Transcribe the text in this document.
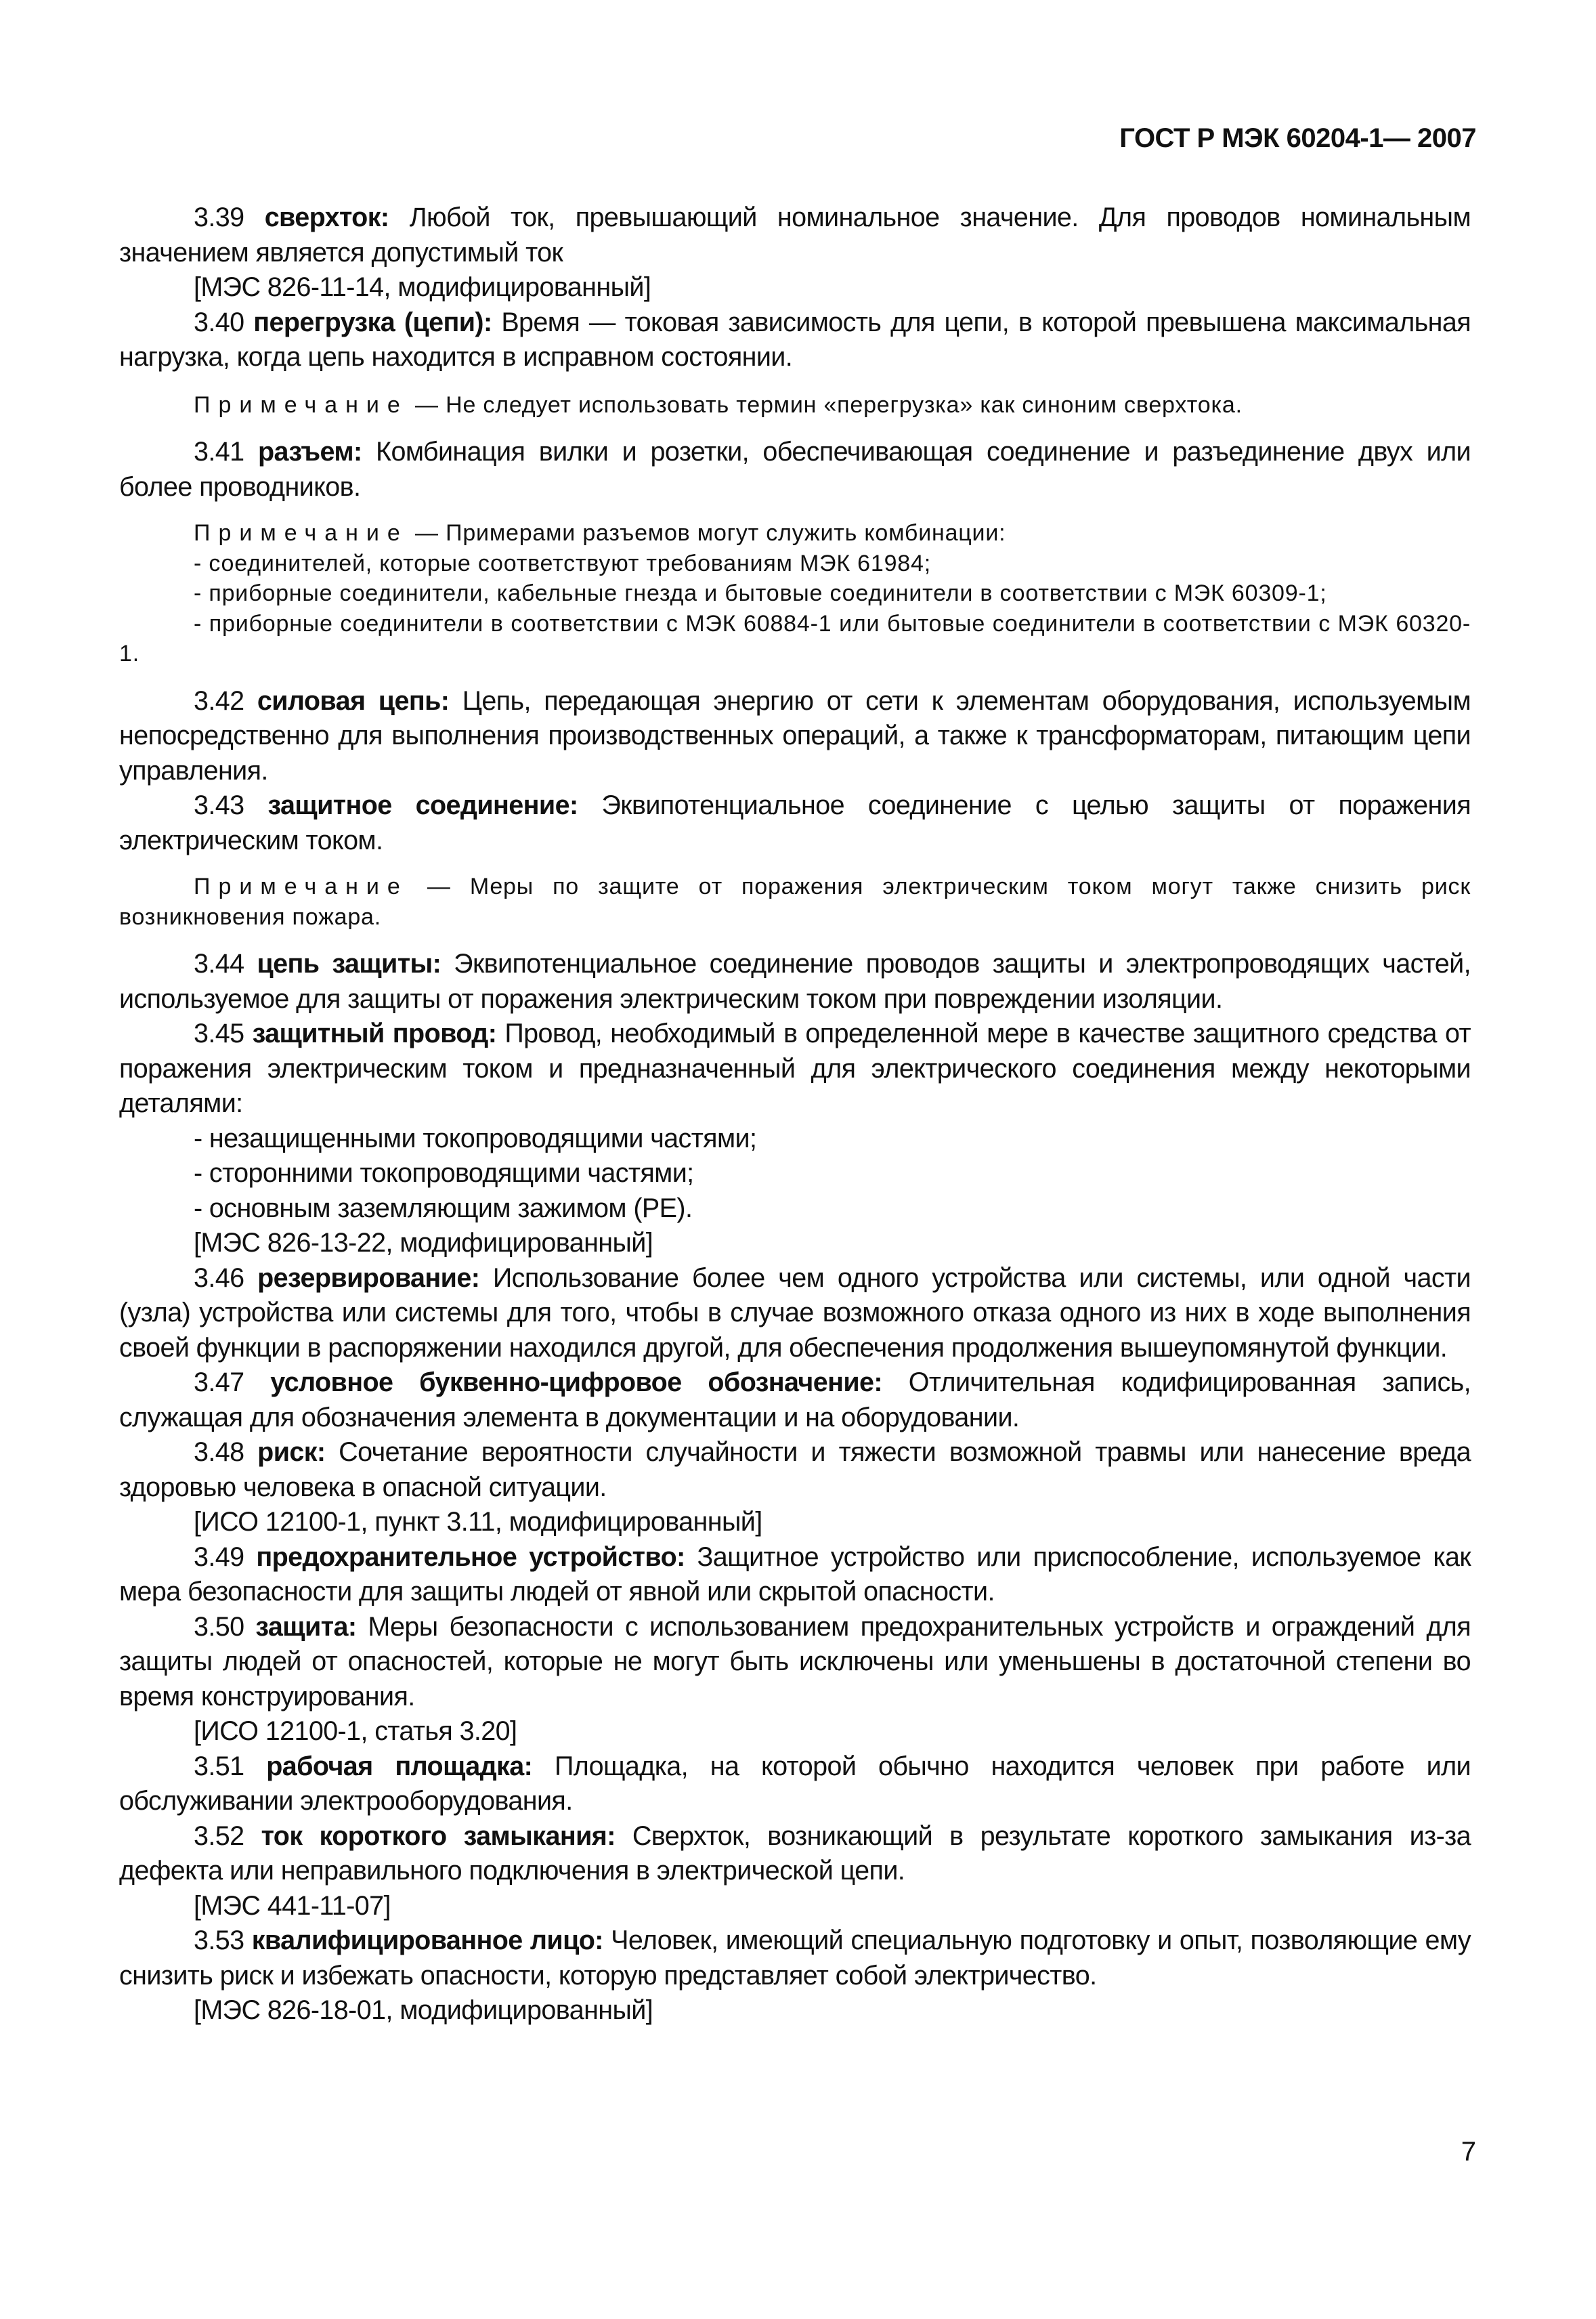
ГОСТ Р МЭК 60204-1— 2007

3.39 сверхток: Любой ток, превышающий номинальное значение. Для проводов номинальным значением является допустимый ток

[МЭС 826-11-14, модифицированный]

3.40 перегрузка (цепи): Время — токовая зависимость для цепи, в которой превышена максимальная нагрузка, когда цепь находится в исправном состоянии.

Примечание — Не следует использовать термин «перегрузка» как синоним сверхтока.

3.41 разъем: Комбинация вилки и розетки, обеспечивающая соединение и разъединение двух или более проводников.

Примечание — Примерами разъемов могут служить комбинации:

- соединителей, которые соответствуют требованиям МЭК 61984;

- приборные соединители, кабельные гнезда и бытовые соединители в соответствии с МЭК 60309-1;

- приборные соединители в соответствии с МЭК 60884-1 или бытовые соединители в соответствии с МЭК 60320-1.

3.42 силовая цепь: Цепь, передающая энергию от сети к элементам оборудования, используемым непосредственно для выполнения производственных операций, а также к трансформаторам, питающим цепи управления.

3.43 защитное соединение: Эквипотенциальное соединение с целью защиты от поражения электрическим током.

Примечание — Меры по защите от поражения электрическим током могут также снизить риск возникновения пожара.

3.44 цепь защиты: Эквипотенциальное соединение проводов защиты и электропроводящих частей, используемое для защиты от поражения электрическим током при повреждении изоляции.

3.45 защитный провод: Провод, необходимый в определенной мере в качестве защитного средства от поражения электрическим током и предназначенный для электрического соединения между некоторыми деталями:

- незащищенными токопроводящими частями;

- сторонними токопроводящими частями;

- основным заземляющим зажимом (PE).

[МЭС 826-13-22, модифицированный]

3.46 резервирование: Использование более чем одного устройства или системы, или одной части (узла) устройства или системы для того, чтобы в случае возможного отказа одного из них в ходе выполнения своей функции в распоряжении находился другой, для обеспечения продолжения вышеупомянутой функции.

3.47 условное буквенно-цифровое обозначение: Отличительная кодифицированная запись, служащая для обозначения элемента в документации и на оборудовании.

3.48 риск: Сочетание вероятности случайности и тяжести возможной травмы или нанесение вреда здоровью человека в опасной ситуации.

[ИСО 12100-1, пункт 3.11, модифицированный]

3.49 предохранительное устройство: Защитное устройство или приспособление, используемое как мера безопасности для защиты людей от явной или скрытой опасности.

3.50 защита: Меры безопасности с использованием предохранительных устройств и ограждений для защиты людей от опасностей, которые не могут быть исключены или уменьшены в достаточной степени во время конструирования.

[ИСО 12100-1, статья 3.20]

3.51 рабочая площадка: Площадка, на которой обычно находится человек при работе или обслуживании электрооборудования.

3.52 ток короткого замыкания: Сверхток, возникающий в результате короткого замыкания из-за дефекта или неправильного подключения в электрической цепи.

[МЭС 441-11-07]

3.53 квалифицированное лицо: Человек, имеющий специальную подготовку и опыт, позволяющие ему снизить риск и избежать опасности, которую представляет собой электричество.

[МЭС 826-18-01, модифицированный]

7
